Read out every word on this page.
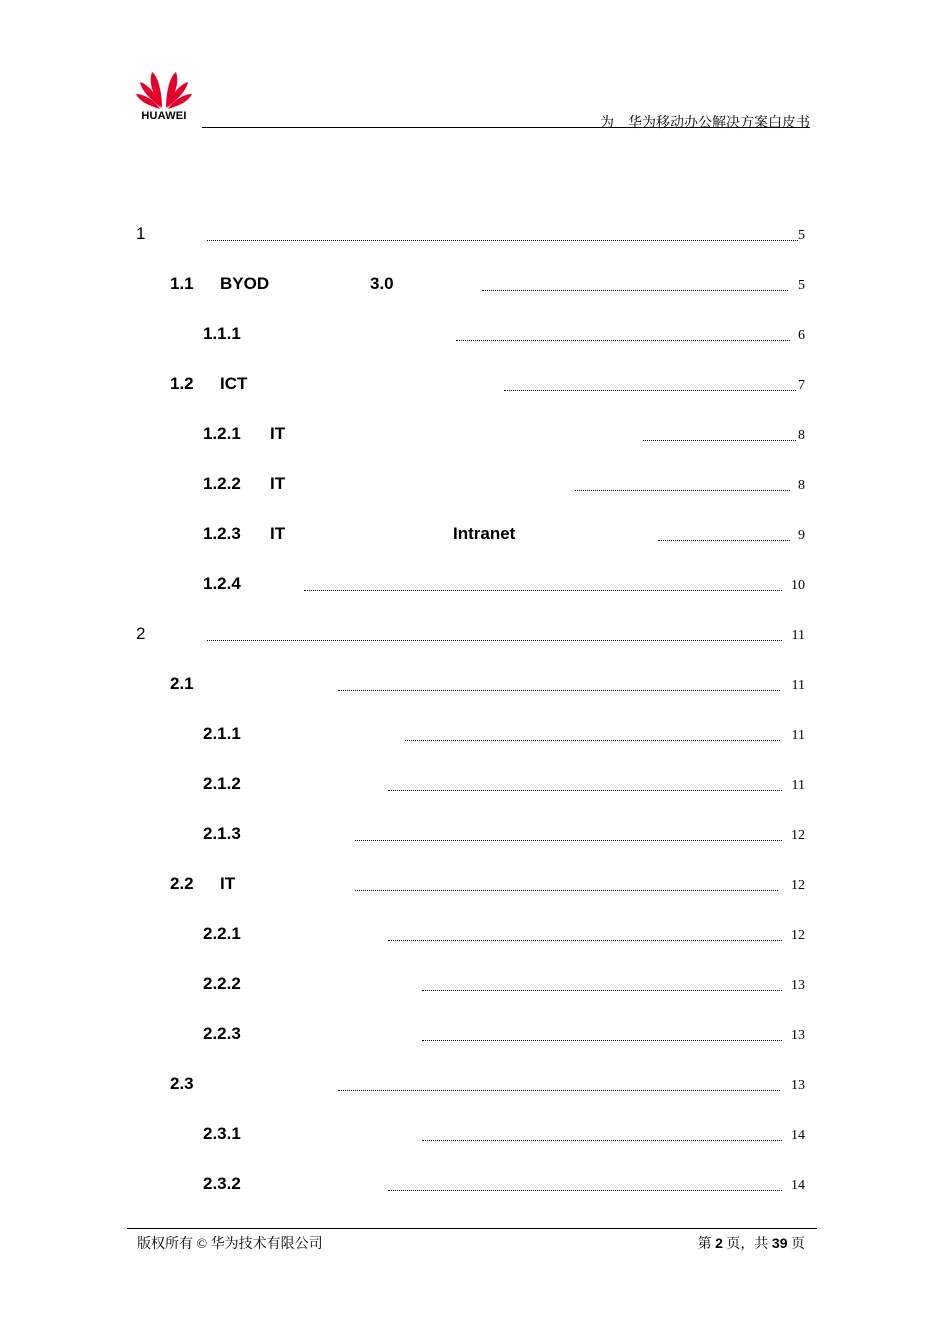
HUAWEI	为    华为移动办公解决方案白皮书
1	5
1.1 BYOD	3.0	5
1.1.1	6
1.2 ICT	7
1.2.1 IT	8
1.2.2 IT	8
1.2.3 IT	Intranet	9
1.2.4	10
2	11
2.1	11
2.1.1	11
2.1.2	11
2.1.3	12
2.2 IT	12
2.2.1	12
2.2.2	13
2.2.3	13
2.3	13
2.3.1	14
2.3.2	14
版权所有 © 华为技术有限公司	第 2 页，共 39 页
